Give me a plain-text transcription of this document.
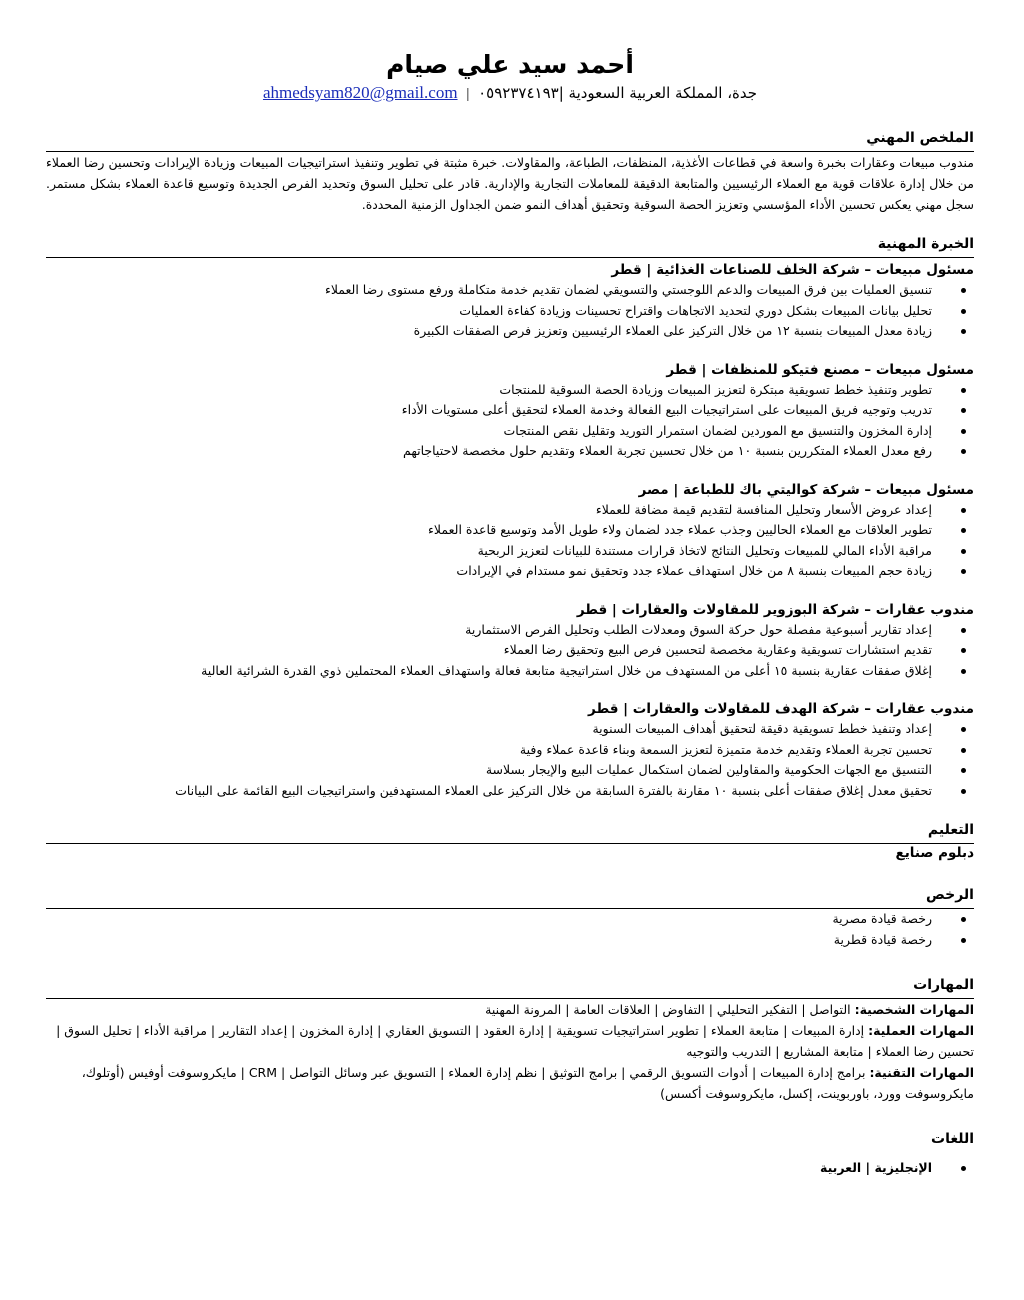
أحمد سيد علي صيام
جدة، المملكة العربية السعودية |٠٥٩٢٣٧٤١٩٣ | ahmedsyam820@gmail.com
الملخص المهني

مندوب مبيعات وعقارات بخبرة واسعة في قطاعات الأغذية، المنظفات، الطباعة، والمقاولات. خبرة مثبتة في تطوير وتنفيذ استراتيجيات المبيعات وزيادة الإيرادات وتحسين رضا العملاء من خلال إدارة علاقات قوية مع العملاء الرئيسيين والمتابعة الدقيقة للمعاملات التجارية والإدارية. قادر على تحليل السوق وتحديد الفرص الجديدة وتوسيع قاعدة العملاء بشكل مستمر. سجل مهني يعكس تحسين الأداء المؤسسي وتعزيز الحصة السوقية وتحقيق أهداف النمو ضمن الجداول الزمنية المحددة.

الخبرة المهنية

مسئول مبيعات – شركة الخلف للصناعات الغذائية | قطر

تنسيق العمليات بين فرق المبيعات والدعم اللوجستي والتسويقي لضمان تقديم خدمة متكاملة ورفع مستوى رضا العملاء
تحليل بيانات المبيعات بشكل دوري لتحديد الاتجاهات واقتراح تحسينات وزيادة كفاءة العمليات
زيادة معدل المبيعات بنسبة ١٢ من خلال التركيز على العملاء الرئيسيين وتعزيز فرص الصفقات الكبيرة

مسئول مبيعات – مصنع فتيكو للمنظفات | قطر

تطوير وتنفيذ خطط تسويقية مبتكرة لتعزيز المبيعات وزيادة الحصة السوقية للمنتجات
تدريب وتوجيه فريق المبيعات على استراتيجيات البيع الفعالة وخدمة العملاء لتحقيق أعلى مستويات الأداء
إدارة المخزون والتنسيق مع الموردين لضمان استمرار التوريد وتقليل نقص المنتجات
رفع معدل العملاء المتكررين بنسبة ١٠ من خلال تحسين تجربة العملاء وتقديم حلول مخصصة لاحتياجاتهم

مسئول مبيعات – شركة كواليتي باك للطباعة | مصر

إعداد عروض الأسعار وتحليل المنافسة لتقديم قيمة مضافة للعملاء
تطوير العلاقات مع العملاء الحاليين وجذب عملاء جدد لضمان ولاء طويل الأمد وتوسيع قاعدة العملاء
مراقبة الأداء المالي للمبيعات وتحليل النتائج لاتخاذ قرارات مستندة للبيانات لتعزيز الربحية
زيادة حجم المبيعات بنسبة ٨ من خلال استهداف عملاء جدد وتحقيق نمو مستدام في الإيرادات

مندوب عقارات – شركة البوزوير للمقاولات والعقارات | قطر

إعداد تقارير أسبوعية مفصلة حول حركة السوق ومعدلات الطلب وتحليل الفرص الاستثمارية
تقديم استشارات تسويقية وعقارية مخصصة لتحسين فرص البيع وتحقيق رضا العملاء
إغلاق صفقات عقارية بنسبة ١٥ أعلى من المستهدف من خلال استراتيجية متابعة فعالة واستهداف العملاء المحتملين ذوي القدرة الشرائية العالية

مندوب عقارات – شركة الهدف للمقاولات والعقارات | قطر

إعداد وتنفيذ خطط تسويقية دقيقة لتحقيق أهداف المبيعات السنوية
تحسين تجربة العملاء وتقديم خدمة متميزة لتعزيز السمعة وبناء قاعدة عملاء وفية
التنسيق مع الجهات الحكومية والمقاولين لضمان استكمال عمليات البيع والإيجار بسلاسة
تحقيق معدل إغلاق صفقات أعلى بنسبة ١٠ مقارنة بالفترة السابقة من خلال التركيز على العملاء المستهدفين واستراتيجيات البيع القائمة على البيانات
التعليم

دبلوم صنايع

الرخص
رخصة قيادة مصرية
رخصة قيادة قطرية
المهارات

المهارات الشخصية: التواصل | التفكير التحليلي | التفاوض | العلاقات العامة | المرونة المهنية

المهارات العملية: إدارة المبيعات | متابعة العملاء | تطوير استراتيجيات تسويقية | إدارة العقود | التسويق العقاري | إدارة المخزون | إعداد التقارير | مراقبة الأداء | تحليل السوق | تحسين رضا العملاء | متابعة المشاريع | التدريب والتوجيه

المهارات التقنية: برامج إدارة المبيعات | أدوات التسويق الرقمي | برامج التوثيق | نظم إدارة العملاء | التسويق عبر وسائل التواصل | CRM | مايكروسوفت أوفيس (أوتلوك، مايكروسوفت وورد، باوربوينت، إكسل، مايكروسوفت أكسس)

اللغات
الإنجليزية | العربية
